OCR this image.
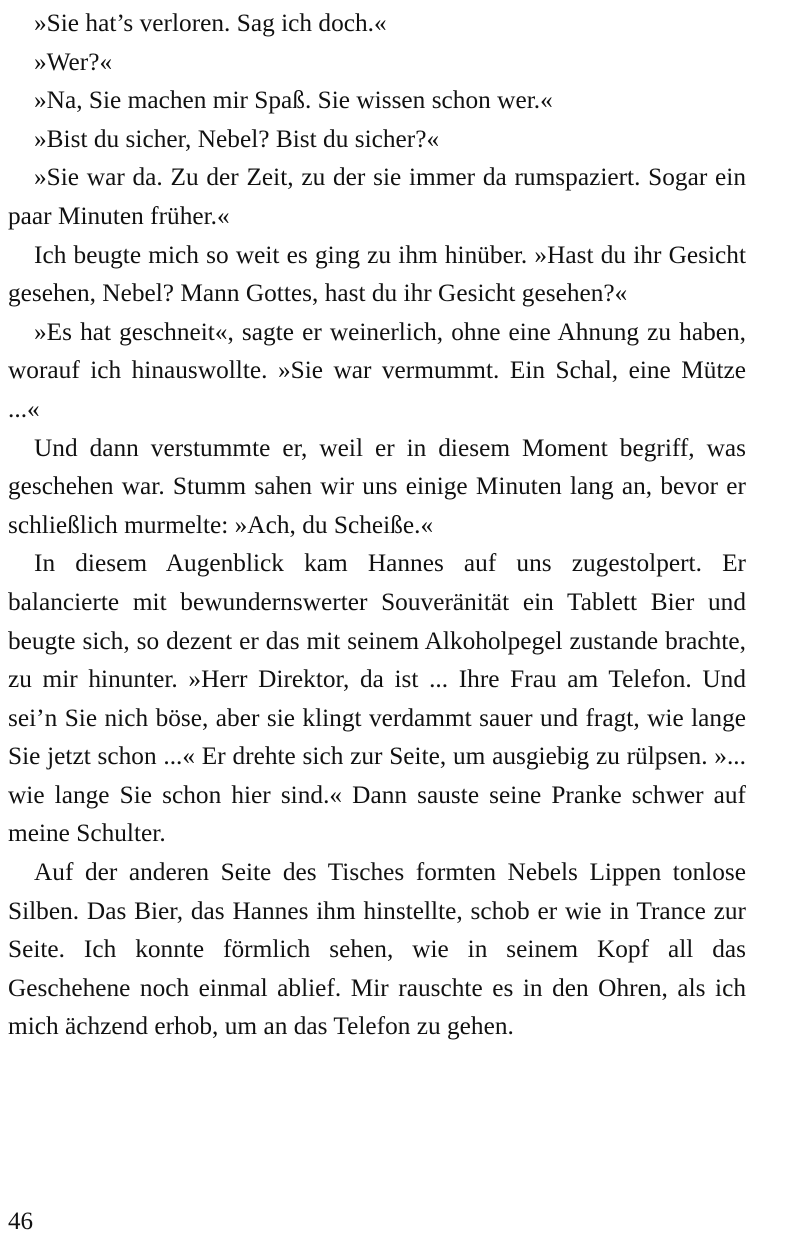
»Sie hat’s verloren. Sag ich doch.«

»Wer?«

»Na, Sie machen mir Spaß. Sie wissen schon wer.«

»Bist du sicher, Nebel? Bist du sicher?«

»Sie war da. Zu der Zeit, zu der sie immer da rumspaziert. Sogar ein paar Minuten früher.«

Ich beugte mich so weit es ging zu ihm hinüber. »Hast du ihr Gesicht gesehen, Nebel? Mann Gottes, hast du ihr Gesicht gesehen?«

»Es hat geschneit«, sagte er weinerlich, ohne eine Ahnung zu haben, worauf ich hinauswollte. »Sie war vermummt. Ein Schal, eine Mütze ...«

Und dann verstummte er, weil er in diesem Moment begriff, was geschehen war. Stumm sahen wir uns einige Minuten lang an, bevor er schließlich murmelte: »Ach, du Scheiße.«

In diesem Augenblick kam Hannes auf uns zugestolpert. Er balancierte mit bewundernswerter Souveränität ein Tablett Bier und beugte sich, so dezent er das mit seinem Alkoholpegel zustande brachte, zu mir hinunter. »Herr Direktor, da ist ... Ihre Frau am Telefon. Und sei’n Sie nich böse, aber sie klingt verdammt sauer und fragt, wie lange Sie jetzt schon ...« Er drehte sich zur Seite, um ausgiebig zu rülpsen. »... wie lange Sie schon hier sind.« Dann sauste seine Pranke schwer auf meine Schulter.

Auf der anderen Seite des Tisches formten Nebels Lippen tonlose Silben. Das Bier, das Hannes ihm hinstellte, schob er wie in Trance zur Seite. Ich konnte förmlich sehen, wie in seinem Kopf all das Geschehene noch einmal ablief. Mir rauschte es in den Ohren, als ich mich ächzend erhob, um an das Telefon zu gehen.

46
